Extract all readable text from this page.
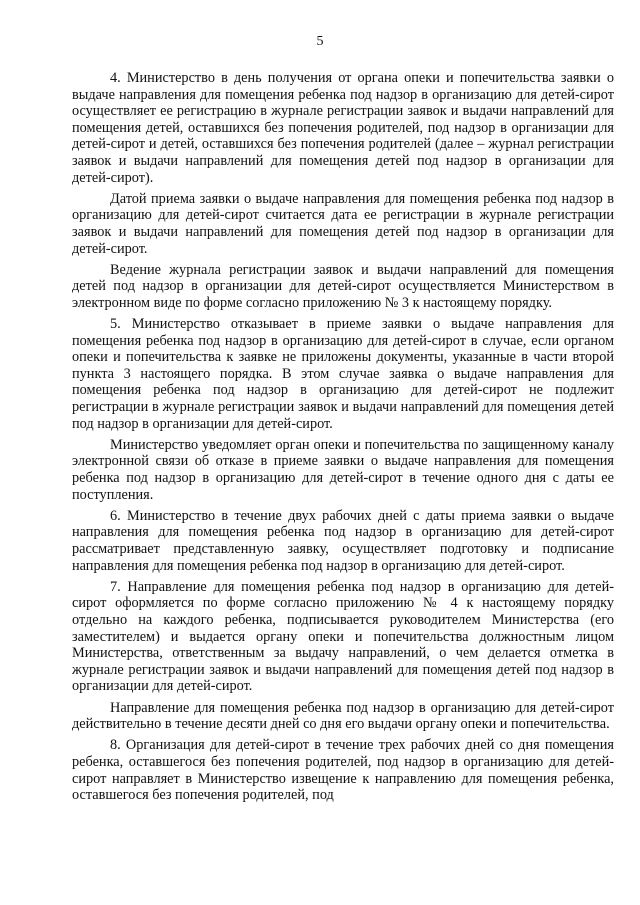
5

4. Министерство в день получения от органа опеки и попечительства заявки о выдаче направления для помещения ребенка под надзор в организацию для детей-сирот осуществляет ее регистрацию в журнале регистрации заявок и выдачи направлений для помещения детей, оставшихся без попечения родителей, под надзор в организации для детей-сирот и детей, оставшихся без попечения родителей (далее – журнал регистрации заявок и выдачи направлений для помещения детей под надзор в организации для детей-сирот).

Датой приема заявки о выдаче направления для помещения ребенка под надзор в организацию для детей-сирот считается дата ее регистрации в журнале регистрации заявок и выдачи направлений для помещения детей под надзор в организации для детей-сирот.

Ведение журнала регистрации заявок и выдачи направлений для помещения детей под надзор в организации для детей-сирот осуществляется Министерством в электронном виде по форме согласно приложению № 3 к настоящему порядку.

5. Министерство отказывает в приеме заявки о выдаче направления для помещения ребенка под надзор в организацию для детей-сирот в случае, если органом опеки и попечительства к заявке не приложены документы, указанные в части второй пункта 3 настоящего порядка. В этом случае заявка о выдаче направления для помещения ребенка под надзор в организацию для детей-сирот не подлежит регистрации в журнале регистрации заявок и выдачи направлений для помещения детей под надзор в организации для детей-сирот.

Министерство уведомляет орган опеки и попечительства по защищенному каналу электронной связи об отказе в приеме заявки о выдаче направления для помещения ребенка под надзор в организацию для детей-сирот в течение одного дня с даты ее поступления.

6. Министерство в течение двух рабочих дней с даты приема заявки о выдаче направления для помещения ребенка под надзор в организацию для детей-сирот рассматривает представленную заявку, осуществляет подготовку и подписание направления для помещения ребенка под надзор в организацию для детей-сирот.

7. Направление для помещения ребенка под надзор в организацию для детей-сирот оформляется по форме согласно приложению № 4 к настоящему порядку отдельно на каждого ребенка, подписывается руководителем Министерства (его заместителем) и выдается органу опеки и попечительства должностным лицом Министерства, ответственным за выдачу направлений, о чем делается отметка в журнале регистрации заявок и выдачи направлений для помещения детей под надзор в организации для детей-сирот.

Направление для помещения ребенка под надзор в организацию для детей-сирот действительно в течение десяти дней со дня его выдачи органу опеки и попечительства.

8. Организация для детей-сирот в течение трех рабочих дней со дня помещения ребенка, оставшегося без попечения родителей, под надзор в организацию для детей-сирот направляет в Министерство извещение к направлению для помещения ребенка, оставшегося без попечения родителей, под
